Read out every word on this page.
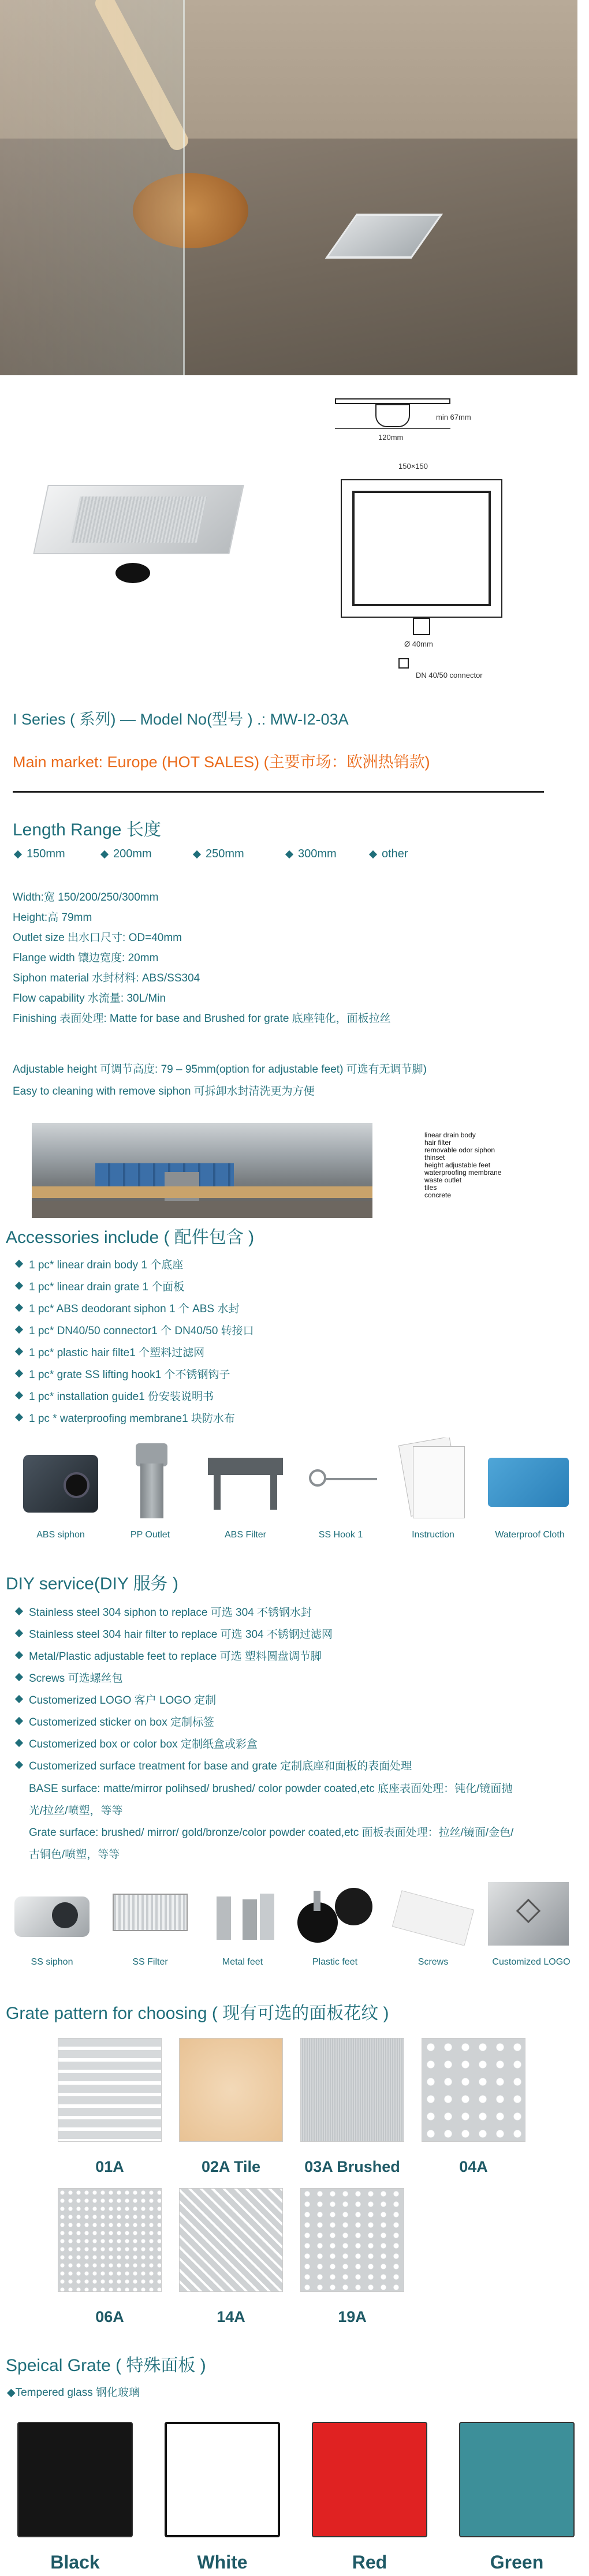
120mm
min 67mm
150×150
Ø 40mm
DN 40/50 connector
I Series ( 系列) — Model No(型号 ) .: MW-I2-03A
Main market: Europe (HOT SALES) (主要市场：欧洲热销款)
Length Range 长度
150mm	200mm	250mm	300mm	other
Width:宽 150/200/250/300mm
Height:高 79mm
Outlet size 出水口尺寸: OD=40mm
Flange width 镶边宽度: 20mm
Siphon material 水封材料: ABS/SS304
Flow capability 水流量: 30L/Min
Finishing 表面处理: Matte for base and Brushed for grate 底座钝化，面板拉丝
Adjustable height 可调节高度: 79 – 95mm(option for adjustable feet) 可选有无调节脚)
Easy to cleaning with remove siphon 可拆卸水封清洗更为方便
linear drain body
hair filter
removable odor siphon
thinset
height adjustable feet
waterproofing membrane
waste outlet
tiles
concrete
Accessories include ( 配件包含 )
1 pc* linear drain body 1 个底座
1 pc* linear drain grate 1 个面板
1 pc* ABS deodorant siphon 1 个 ABS 水封
1 pc* DN40/50 connector1 个 DN40/50 转接口
1 pc* plastic hair filte1 个塑料过滤网
1 pc* grate SS lifting hook1 个不锈钢钩子
1 pc* installation guide1 份安装说明书
1 pc * waterproofing membrane1 块防水布
ABS siphon	PP Outlet	ABS Filter	SS Hook 1	Instruction	Waterproof Cloth
DIY service(DIY 服务 )
Stainless steel 304 siphon to replace 可选 304 不锈钢水封
Stainless steel 304 hair filter to replace 可选 304 不锈钢过滤网
Metal/Plastic adjustable feet to replace 可选 塑料圆盘调节脚
Screws 可选螺丝包
Customerized LOGO 客户 LOGO 定制
Customerized sticker on box 定制标签
Customerized box or color box 定制纸盒或彩盒
Customerized surface treatment for base and grate 定制底座和面板的表面处理
BASE surface: matte/mirror polihsed/ brushed/ color powder coated,etc 底座表面处理：钝化/镜面抛
光/拉丝/喷塑，等等
Grate surface: brushed/ mirror/ gold/bronze/color powder coated,etc 面板表面处理：拉丝/镜面/金色/
古铜色/喷塑，等等
SS siphon	SS Filter	Metal feet	Plastic feet	Screws	Customized LOGO
Grate pattern for choosing ( 现有可选的面板花纹 )
01A	02A Tile	03A Brushed	04A
06A	14A	19A
Speical Grate ( 特殊面板 )
◆Tempered glass 钢化玻璃
Black	White	Red	Green
